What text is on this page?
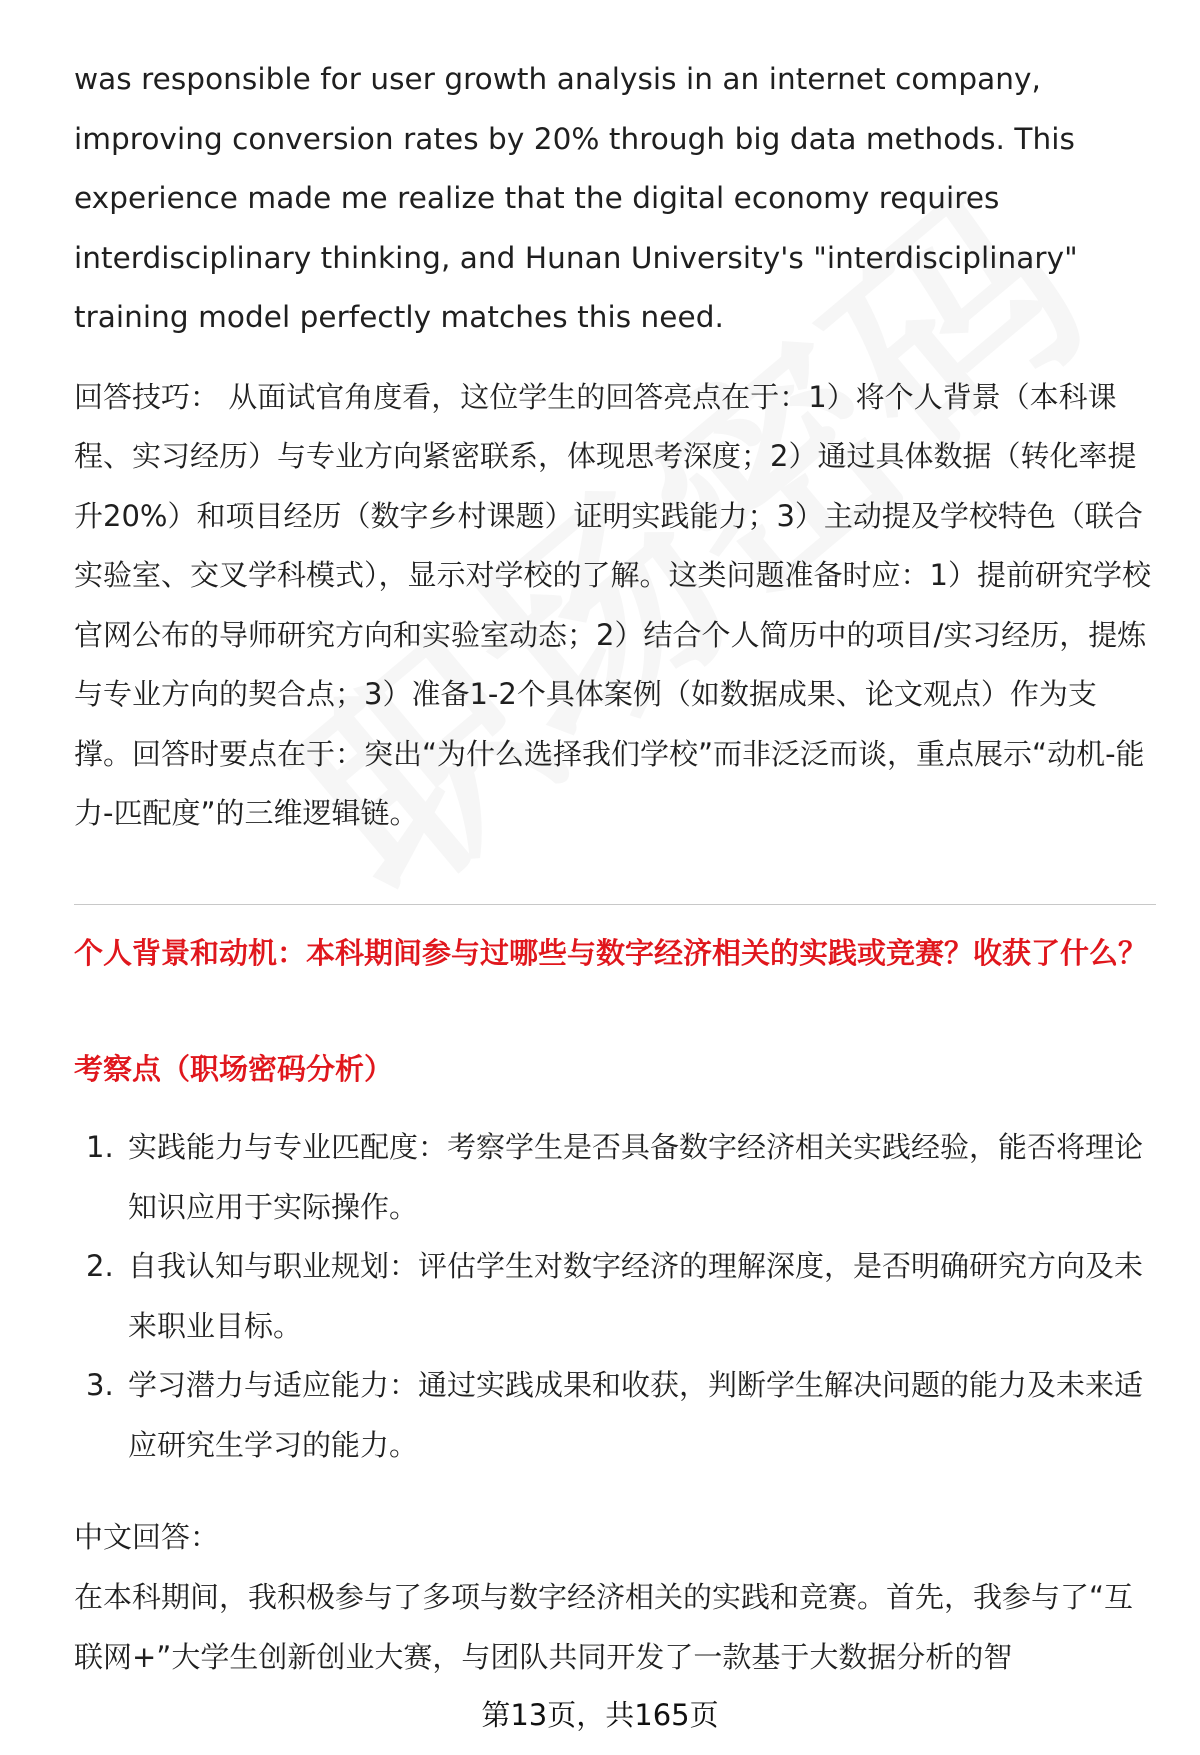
was responsible for user growth analysis in an internet company, improving conversion rates by 20% through big data methods. This experience made me realize that the digital economy requires interdisciplinary thinking, and Hunan University's "interdisciplinary" training model perfectly matches this need.

回答技巧： 从面试官角度看，这位学生的回答亮点在于：1）将个人背景（本科课程、实习经历）与专业方向紧密联系，体现思考深度；2）通过具体数据（转化率提升20%）和项目经历（数字乡村课题）证明实践能力；3）主动提及学校特色（联合实验室、交叉学科模式），显示对学校的了解。这类问题准备时应：1）提前研究学校官网公布的导师研究方向和实验室动态；2）结合个人简历中的项目/实习经历，提炼与专业方向的契合点；3）准备1-2个具体案例（如数据成果、论文观点）作为支撑。回答时要点在于：突出“为什么选择我们学校”而非泛泛而谈，重点展示“动机-能力-匹配度”的三维逻辑链。

个人背景和动机：本科期间参与过哪些与数字经济相关的实践或竞赛？收获了什么？
考察点（职场密码分析）
1. 实践能力与专业匹配度：考察学生是否具备数字经济相关实践经验，能否将理论知识应用于实际操作。
2. 自我认知与职业规划：评估学生对数字经济的理解深度，是否明确研究方向及未来职业目标。
3. 学习潜力与适应能力：通过实践成果和收获，判断学生解决问题的能力及未来适应研究生学习的能力。

中文回答：

在本科期间，我积极参与了多项与数字经济相关的实践和竞赛。首先，我参与了“互联网+”大学生创新创业大赛，与团队共同开发了一款基于大数据分析的智

第13页，共165页
